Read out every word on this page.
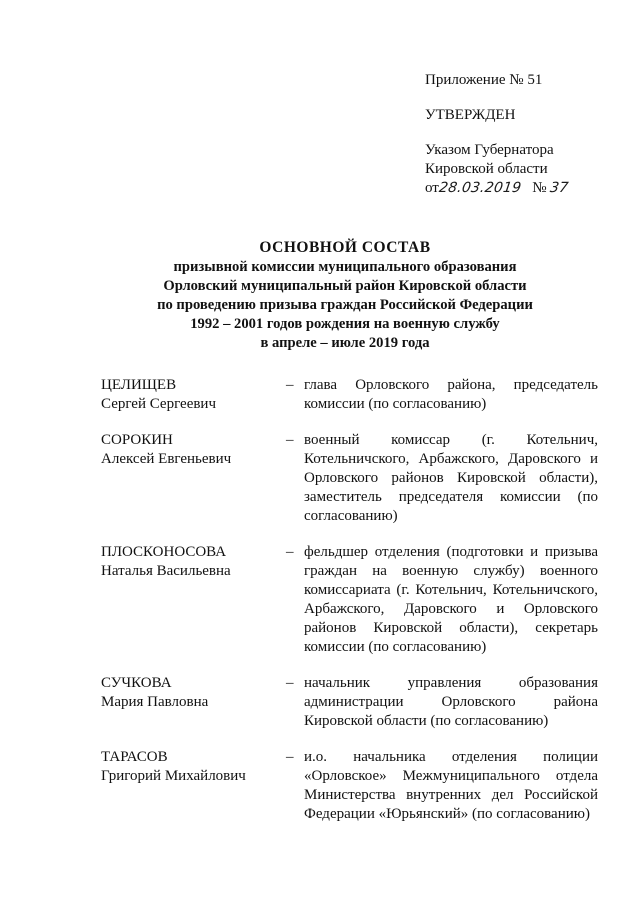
Приложение № 51
УТВЕРЖДЕН
Указом Губернатора
Кировской области
от28.03.2019 № 37
ОСНОВНОЙ СОСТАВ
призывной комиссии муниципального образования
Орловский муниципальный район Кировской области
по проведению призыва граждан Российской Федерации
1992 – 2001 годов рождения на военную службу
в апреле – июле 2019 года
ЦЕЛИЩЕВ
Сергей Сергеевич
– глава Орловского района, председатель комиссии (по согласованию)
СОРОКИН
Алексей Евгеньевич
– военный комиссар (г. Котельнич, Котельничского, Арбажского, Даровского и Орловского районов Кировской области), заместитель председателя комиссии (по согласованию)
ПЛОСКОНОСОВА
Наталья Васильевна
– фельдшер отделения (подготовки и призыва граждан на военную службу) военного комиссариата (г. Котельнич, Котельничского, Арбажского, Даровского и Орловского районов Кировской области), секретарь комиссии (по согласованию)
СУЧКОВА
Мария Павловна
– начальник управления образования администрации Орловского района Кировской области (по согласованию)
ТАРАСОВ
Григорий Михайлович
– и.о. начальника отделения полиции «Орловское» Межмуниципального отдела Министерства внутренних дел Российской Федерации «Юрьянский» (по согласованию)
